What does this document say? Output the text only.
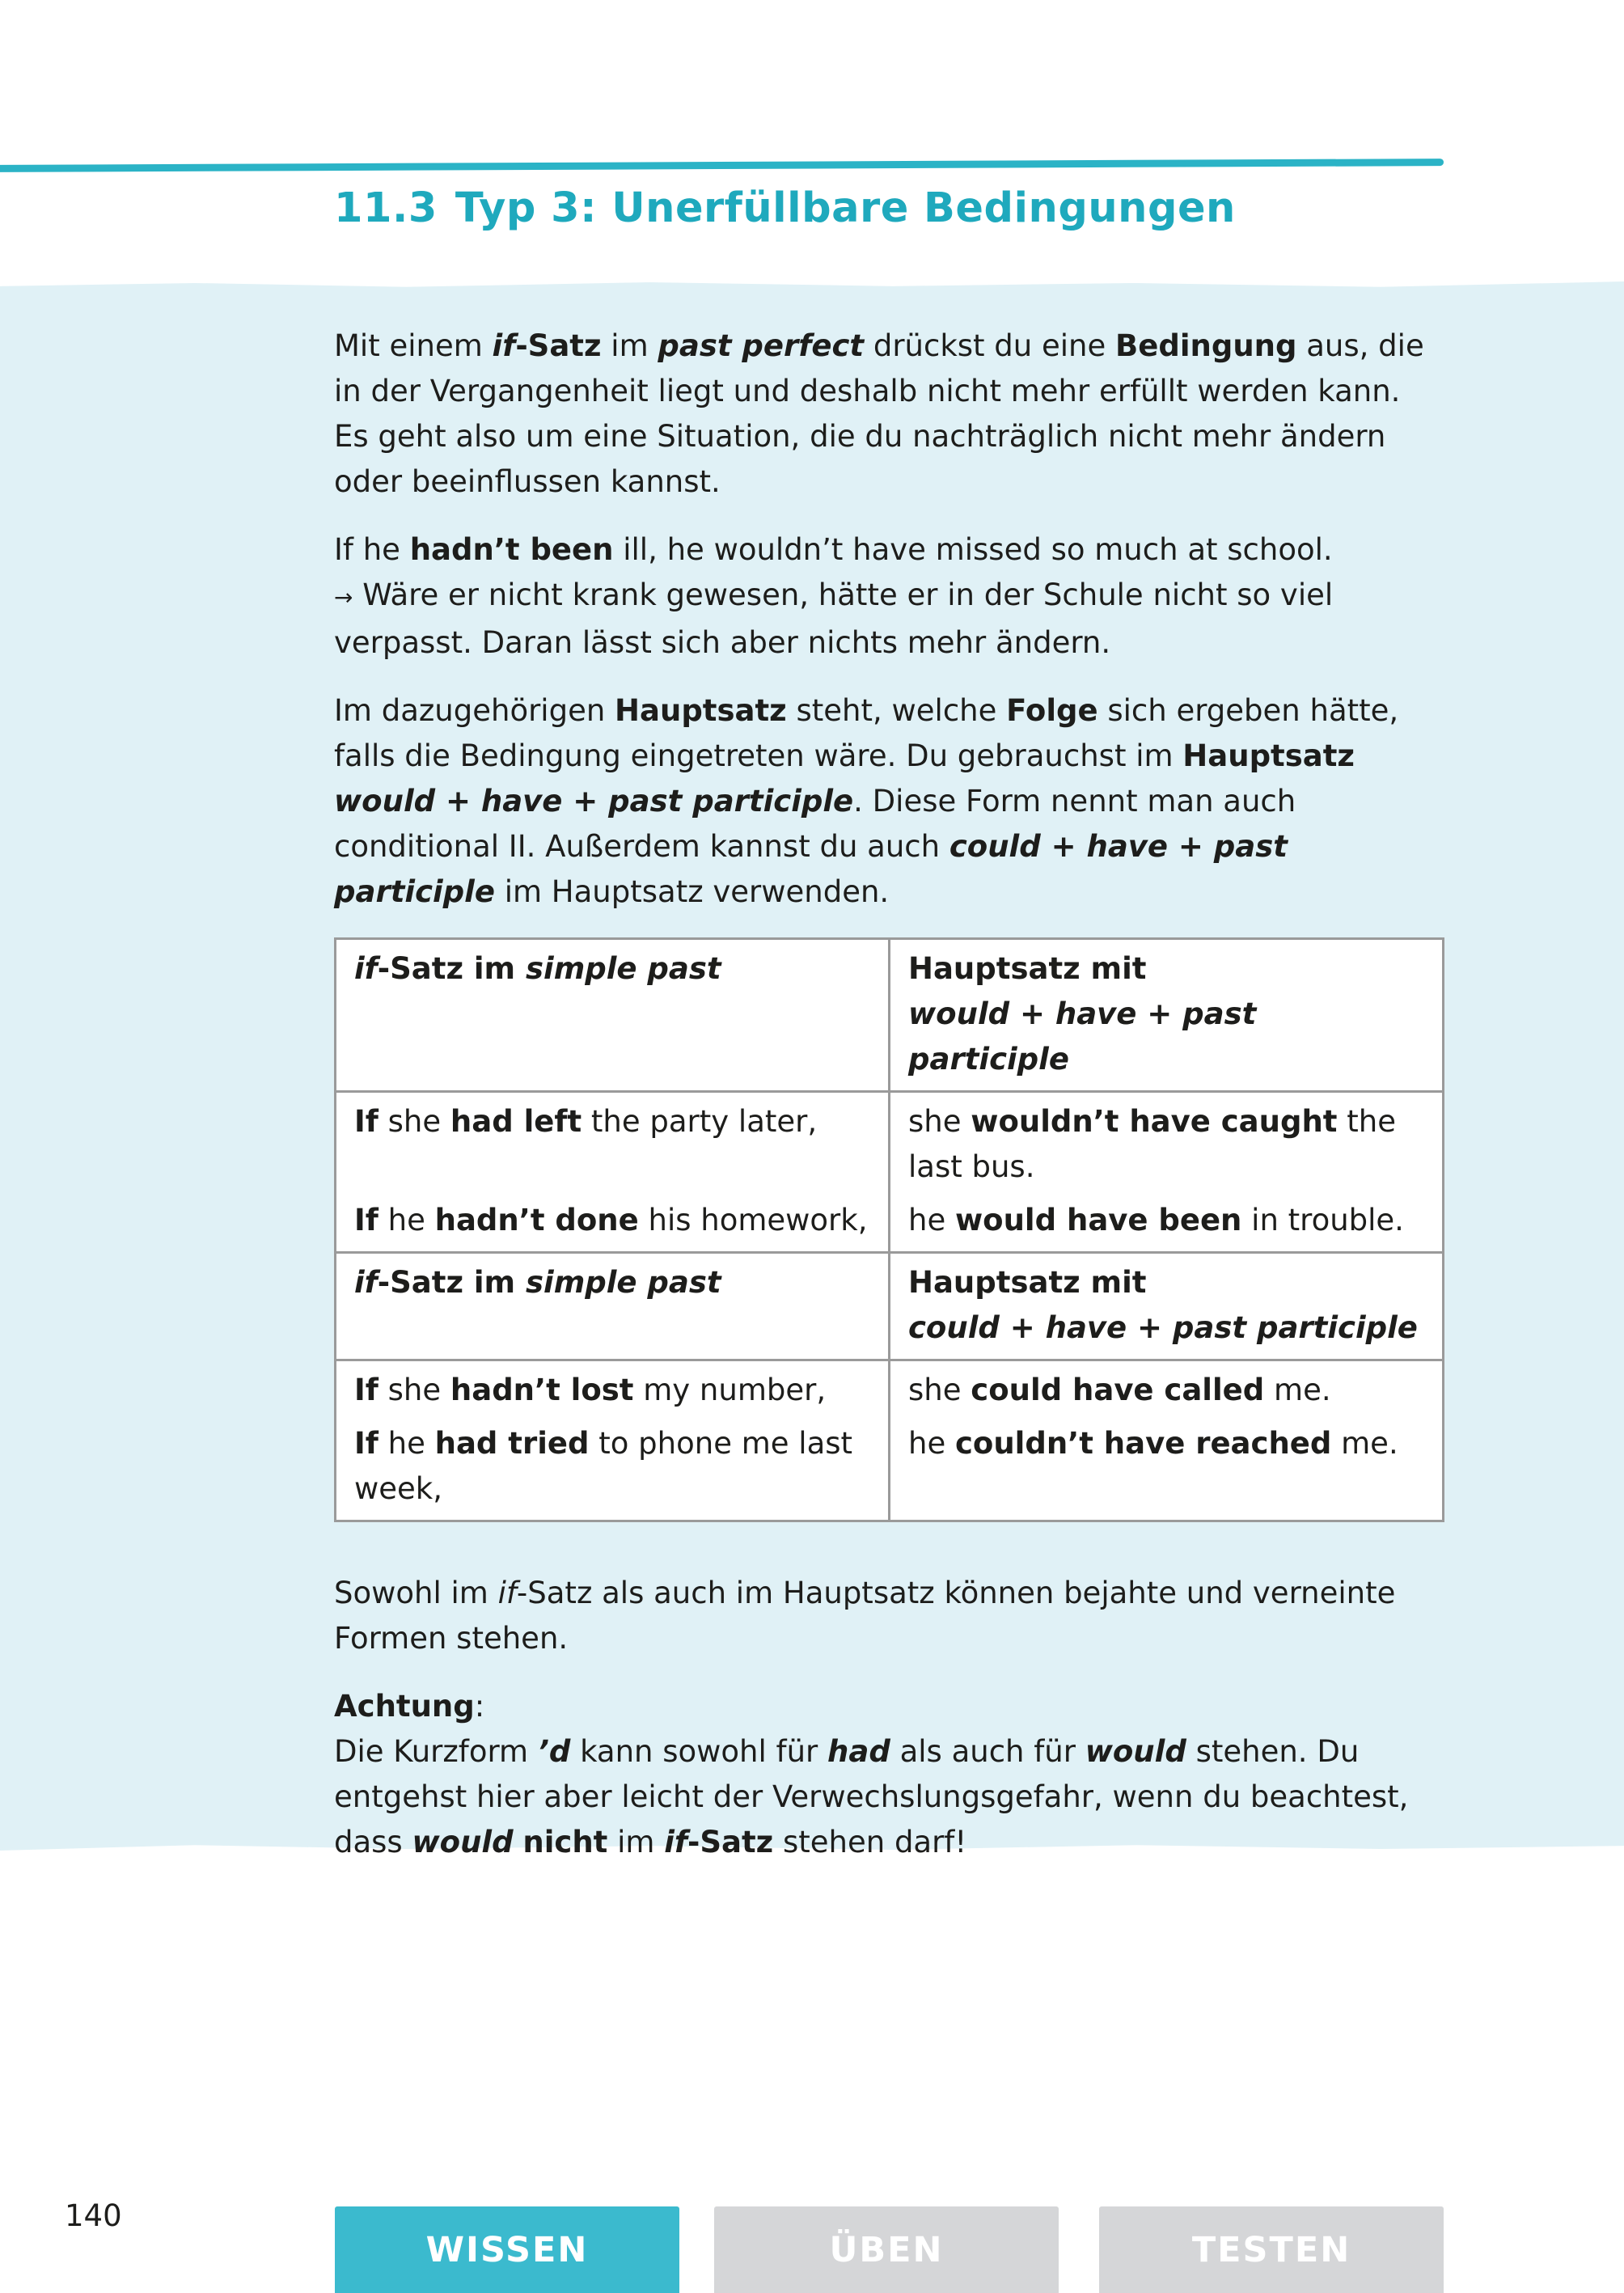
11.3 Typ 3: Unerfüllbare Bedingungen

Mit einem if-Satz im past perfect drückst du eine Bedingung aus, die in der Vergangenheit liegt und deshalb nicht mehr erfüllt werden kann. Es geht also um eine Situation, die du nachträglich nicht mehr ändern oder beeinflussen kannst.

If he hadn’t been ill, he wouldn’t have missed so much at school.
→ Wäre er nicht krank gewesen, hätte er in der Schule nicht so viel verpasst. Daran lässt sich aber nichts mehr ändern.

Im dazugehörigen Hauptsatz steht, welche Folge sich ergeben hätte, falls die Bedingung eingetreten wäre. Du gebrauchst im Hauptsatz would + have + past participle. Diese Form nennt man auch conditional II. Außerdem kannst du auch could + have + past participle im Hauptsatz verwenden.

if-Satz im simple past	Hauptsatz mit
would + have + past participle
If she had left the party later,	she wouldn’t have caught the last bus.
If he hadn’t done his homework,	he would have been in trouble.
if-Satz im simple past	Hauptsatz mit
could + have + past participle
If she hadn’t lost my number,	she could have called me.
If he had tried to phone me last week,	he couldn’t have reached me.

Sowohl im if-Satz als auch im Hauptsatz können bejahte und verneinte Formen stehen.

Achtung:
Die Kurzform ’d kann sowohl für had als auch für would stehen. Du entgehst hier aber leicht der Verwechslungsgefahr, wenn du beachtest, dass would nicht im if-Satz stehen darf!

140
WISSEN	ÜBEN	TESTEN
